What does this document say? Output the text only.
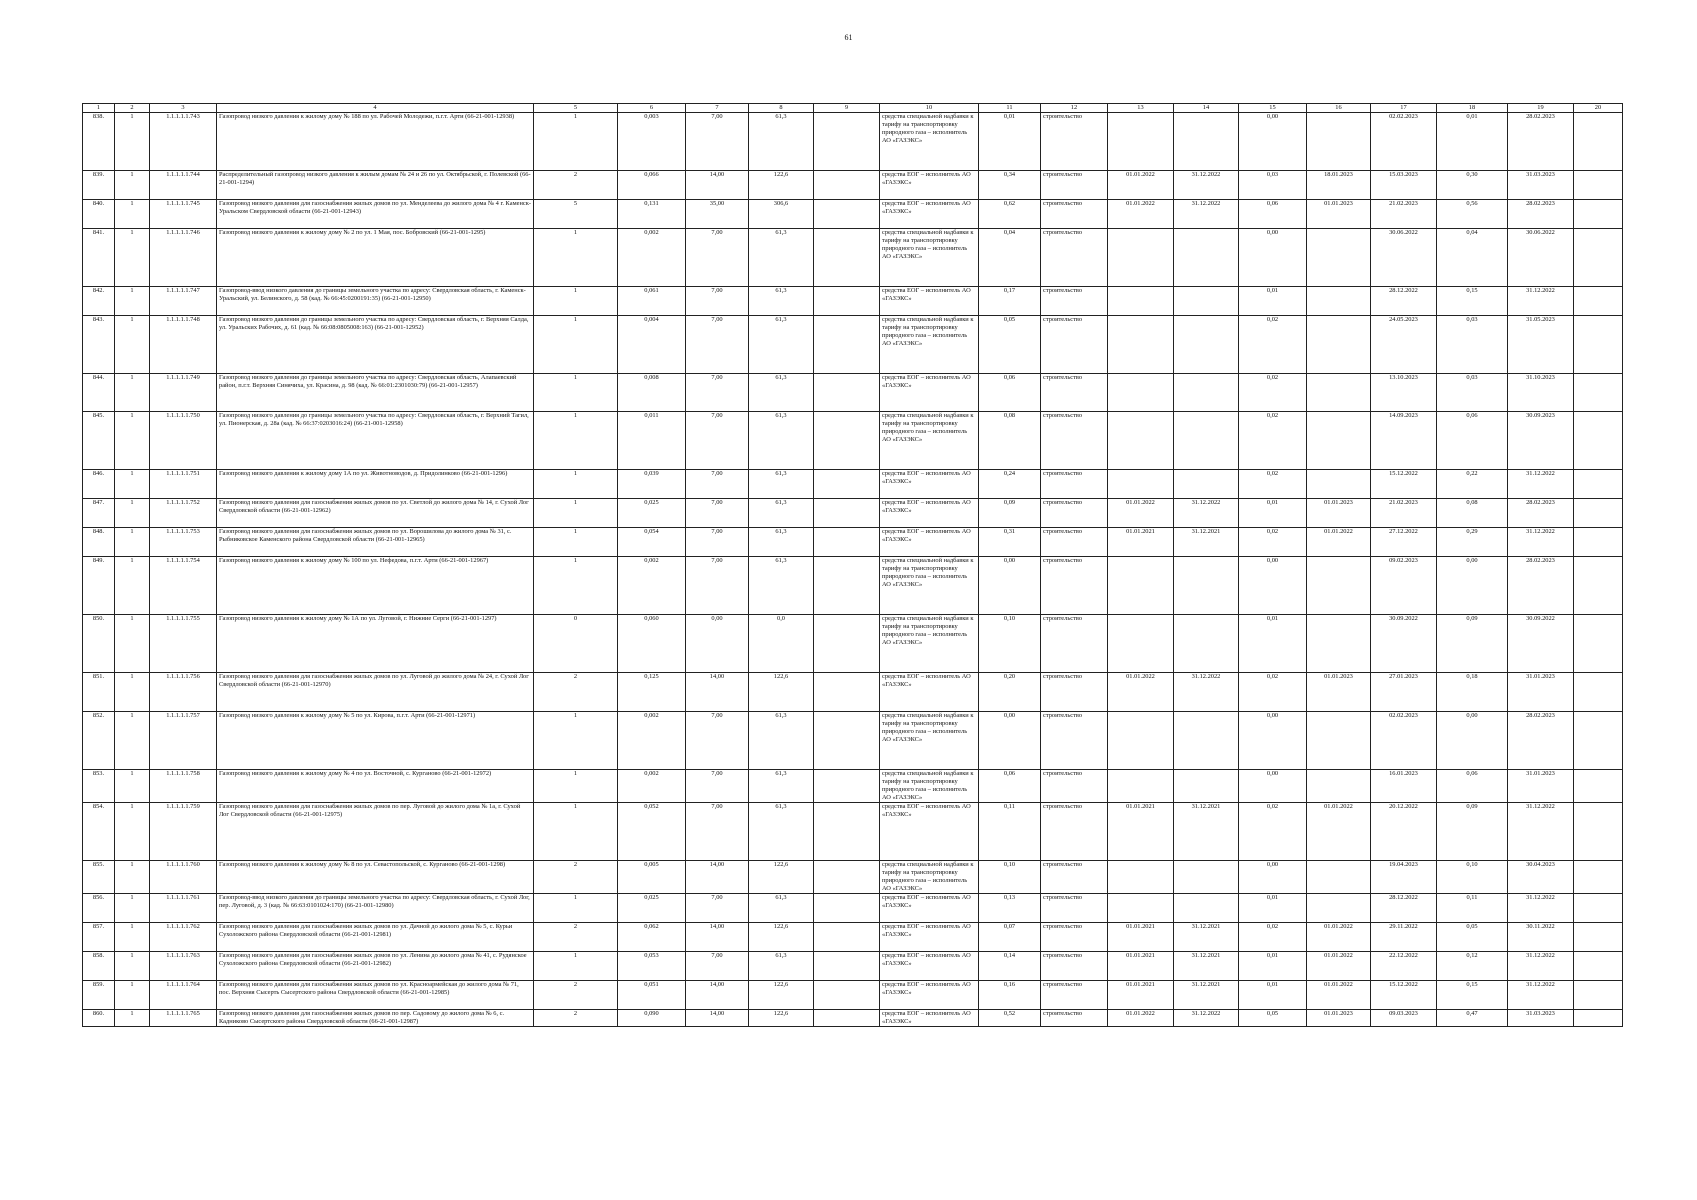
61
1	2	3	4	5	6	7	8	9	10	11	12	13	14	15	16	17	18	19	20
838.	1	1.1.1.1.1.743	Газопровод низкого давления к жилому дому № 188 по ул. Рабочей Молодежи, п.г.т. Арти (66-21-001-12938)	1	0,003	7,00	61,3		средства специальной надбавки к тарифу на транспортировку природного газа – исполнитель АО «ГАЗЭКС»	0,01	строительство			0,00		02.02.2023	0,01	28.02.2023	
839.	1	1.1.1.1.1.744	Распределительный газопровод низкого давления к жилым домам № 24 и 26 по ул. Октябрьской, г. Полевской (66-21-001-1294)	2	0,066	14,00	122,6		средства ЕОГ – исполнитель АО «ГАЗЭКС»	0,34	строительство	01.01.2022	31.12.2022	0,03	18.01.2023	15.03.2023	0,30	31.03.2023	
840.	1	1.1.1.1.1.745	Газопровод низкого давления для газоснабжения жилых домов по ул. Менделеева до жилого дома № 4 г. Каменск-Уральском Свердловской области (66-21-001-12943)	5	0,131	35,00	306,6		средства ЕОГ – исполнитель АО «ГАЗЭКС»	0,62	строительство	01.01.2022	31.12.2022	0,06	01.01.2023	21.02.2023	0,56	28.02.2023	
841.	1	1.1.1.1.1.746	Газопровод низкого давления к жилому дому № 2 по ул. 1 Мая, пос. Бобровский (66-21-001-1295)	1	0,002	7,00	61,3		средства специальной надбавки к тарифу на транспортировку природного газа – исполнитель АО «ГАЗЭКС»	0,04	строительство			0,00		30.06.2022	0,04	30.06.2022	
842.	1	1.1.1.1.1.747	Газопровод-ввод низкого давления до границы земельного участка по адресу: Свердловская область, г. Каменск-Уральский, ул. Белинского, д. 58 (кад. № 66:45:0200191:35) (66-21-001-12950)	1	0,061	7,00	61,3		средства ЕОГ – исполнитель АО «ГАЗЭКС»	0,17	строительство			0,01		28.12.2022	0,15	31.12.2022	
843.	1	1.1.1.1.1.748	Газопровод низкого давления до границы земельного участка по адресу: Свердловская область, г. Верхняя Салда, ул. Уральских Рабочих, д. 61 (кад. № 66:08:0805008:163) (66-21-001-12952)	1	0,004	7,00	61,3		средства специальной надбавки к тарифу на транспортировку природного газа – исполнитель АО «ГАЗЭКС»	0,05	строительство			0,02		24.05.2023	0,03	31.05.2023	
844.	1	1.1.1.1.1.749	Газопровод низкого давления до границы земельного участка по адресу: Свердловская область, Алапаевский район, п.г.т. Верхняя Синячиха, ул. Красина, д. 98 (кад. № 66:01:2301030:79) (66-21-001-12957)	1	0,008	7,00	61,3		средства ЕОГ – исполнитель АО «ГАЗЭКС»	0,06	строительство			0,02		13.10.2023	0,03	31.10.2023	
845.	1	1.1.1.1.1.750	Газопровод низкого давления до границы земельного участка по адресу: Свердловская область, г. Верхний Тагил, ул. Пионерская, д. 28а (кад. № 66:37:0203016:24) (66-21-001-12958)	1	0,011	7,00	61,3		средства специальной надбавки к тарифу на транспортировку природного газа – исполнитель АО «ГАЗЭКС»	0,08	строительство			0,02		14.09.2023	0,06	30.09.2023	
846.	1	1.1.1.1.1.751	Газопровод низкого давления к жилому дому 1А по ул. Животноводов, д. Придолинково (66-21-001-1296)	1	0,039	7,00	61,3		средства ЕОГ – исполнитель АО «ГАЗЭКС»	0,24	строительство			0,02		15.12.2022	0,22	31.12.2022	
847.	1	1.1.1.1.1.752	Газопровод низкого давления для газоснабжения жилых домов по ул. Светлой до жилого дома № 14, г. Сухой Лог Свердловской области (66-21-001-12962)	1	0,025	7,00	61,3		средства ЕОГ – исполнитель АО «ГАЗЭКС»	0,09	строительство	01.01.2022	31.12.2022	0,01	01.01.2023	21.02.2023	0,08	28.02.2023	
848.	1	1.1.1.1.1.753	Газопровод низкого давления для газоснабжения жилых домов по ул. Ворошилова до жилого дома № 31, с. Рыбниковское Каменского района Свердловской области (66-21-001-12965)	1	0,054	7,00	61,3		средства ЕОГ – исполнитель АО «ГАЗЭКС»	0,31	строительство	01.01.2021	31.12.2021	0,02	01.01.2022	27.12.2022	0,29	31.12.2022	
849.	1	1.1.1.1.1.754	Газопровод низкого давления к жилому дому № 100 по ул. Нефедова, п.г.т. Арти (66-21-001-12967)	1	0,002	7,00	61,3		средства специальной надбавки к тарифу на транспортировку природного газа – исполнитель АО «ГАЗЭКС»	0,00	строительство			0,00		09.02.2023	0,00	28.02.2023	
850.	1	1.1.1.1.1.755	Газопровод низкого давления к жилому дому № 1А по ул. Луговой, г. Нижние Серги (66-21-001-1297)	0	0,060	0,00	0,0		средства специальной надбавки к тарифу на транспортировку природного газа – исполнитель АО «ГАЗЭКС»	0,10	строительство			0,01		30.09.2022	0,09	30.09.2022	
851.	1	1.1.1.1.1.756	Газопровод низкого давления для газоснабжения жилых домов по ул. Луговой до жилого дома № 24, г. Сухой Лог Свердловской области (66-21-001-12970)	2	0,125	14,00	122,6		средства ЕОГ – исполнитель АО «ГАЗЭКС»	0,20	строительство	01.01.2022	31.12.2022	0,02	01.01.2023	27.01.2023	0,18	31.01.2023	
852.	1	1.1.1.1.1.757	Газопровод низкого давления к жилому дому № 5 по ул. Кирова, п.г.т. Арти (66-21-001-12971)	1	0,002	7,00	61,3		средства специальной надбавки к тарифу на транспортировку природного газа – исполнитель АО «ГАЗЭКС»	0,00	строительство			0,00		02.02.2023	0,00	28.02.2023	
853.	1	1.1.1.1.1.758	Газопровод низкого давления к жилому дому № 4 по ул. Восточной, с. Курганово (66-21-001-12972)	1	0,002	7,00	61,3		средства специальной надбавки к тарифу на транспортировку природного газа – исполнитель АО «ГАЗЭКС»	0,06	строительство			0,00		16.01.2023	0,06	31.01.2023	
854.	1	1.1.1.1.1.759	Газопровод низкого давления для газоснабжения жилых домов по пер. Луговой до жилого дома № 1а, г. Сухой Лог Свердловской области (66-21-001-12975)	1	0,052	7,00	61,3		средства ЕОГ – исполнитель АО «ГАЗЭКС»	0,11	строительство	01.01.2021	31.12.2021	0,02	01.01.2022	20.12.2022	0,09	31.12.2022	
855.	1	1.1.1.1.1.760	Газопровод низкого давления к жилому дому № 8 по ул. Севастопольской, с. Курганово (66-21-001-1298)	2	0,005	14,00	122,6		средства специальной надбавки к тарифу на транспортировку природного газа – исполнитель АО «ГАЗЭКС»	0,10	строительство			0,00		19.04.2023	0,10	30.04.2023	
856.	1	1.1.1.1.1.761	Газопровод-ввод низкого давления до границы земельного участка по адресу: Свердловская область, г. Сухой Лог, пер. Луговой, д. 3 (кад. № 66:63:0101024:170) (66-21-001-12980)	1	0,025	7,00	61,3		средства ЕОГ – исполнитель АО «ГАЗЭКС»	0,13	строительство			0,01		28.12.2022	0,11	31.12.2022	
857.	1	1.1.1.1.1.762	Газопровод низкого давления для газоснабжения жилых домов по ул. Дачной до жилого дома № 5, с. Курьи Сухоложского района Свердловской области (66-21-001-12981)	2	0,062	14,00	122,6		средства ЕОГ – исполнитель АО «ГАЗЭКС»	0,07	строительство	01.01.2021	31.12.2021	0,02	01.01.2022	29.11.2022	0,05	30.11.2022	
858.	1	1.1.1.1.1.763	Газопровод низкого давления для газоснабжения жилых домов по ул. Ленина до жилого дома № 41, с. Рудянское Сухоложского района Свердловской области (66-21-001-12982)	1	0,053	7,00	61,3		средства ЕОГ – исполнитель АО «ГАЗЭКС»	0,14	строительство	01.01.2021	31.12.2021	0,01	01.01.2022	22.12.2022	0,12	31.12.2022	
859.	1	1.1.1.1.1.764	Газопровод низкого давления для газоснабжения жилых домов по ул. Красноармейская до жилого дома № 71, пос. Верхняя Сысерть Сысертского района Свердловской области (66-21-001-12985)	2	0,051	14,00	122,6		средства ЕОГ – исполнитель АО «ГАЗЭКС»	0,16	строительство	01.01.2021	31.12.2021	0,01	01.01.2022	15.12.2022	0,15	31.12.2022	
860.	1	1.1.1.1.1.765	Газопровод низкого давления для газоснабжения жилых домов по пер. Садовому до жилого дома № 6, с. Кадниково Сысертского района Свердловской области (66-21-001-12987)	2	0,090	14,00	122,6		средства ЕОГ – исполнитель АО «ГАЗЭКС»	0,52	строительство	01.01.2022	31.12.2022	0,05	01.01.2023	09.03.2023	0,47	31.03.2023	
